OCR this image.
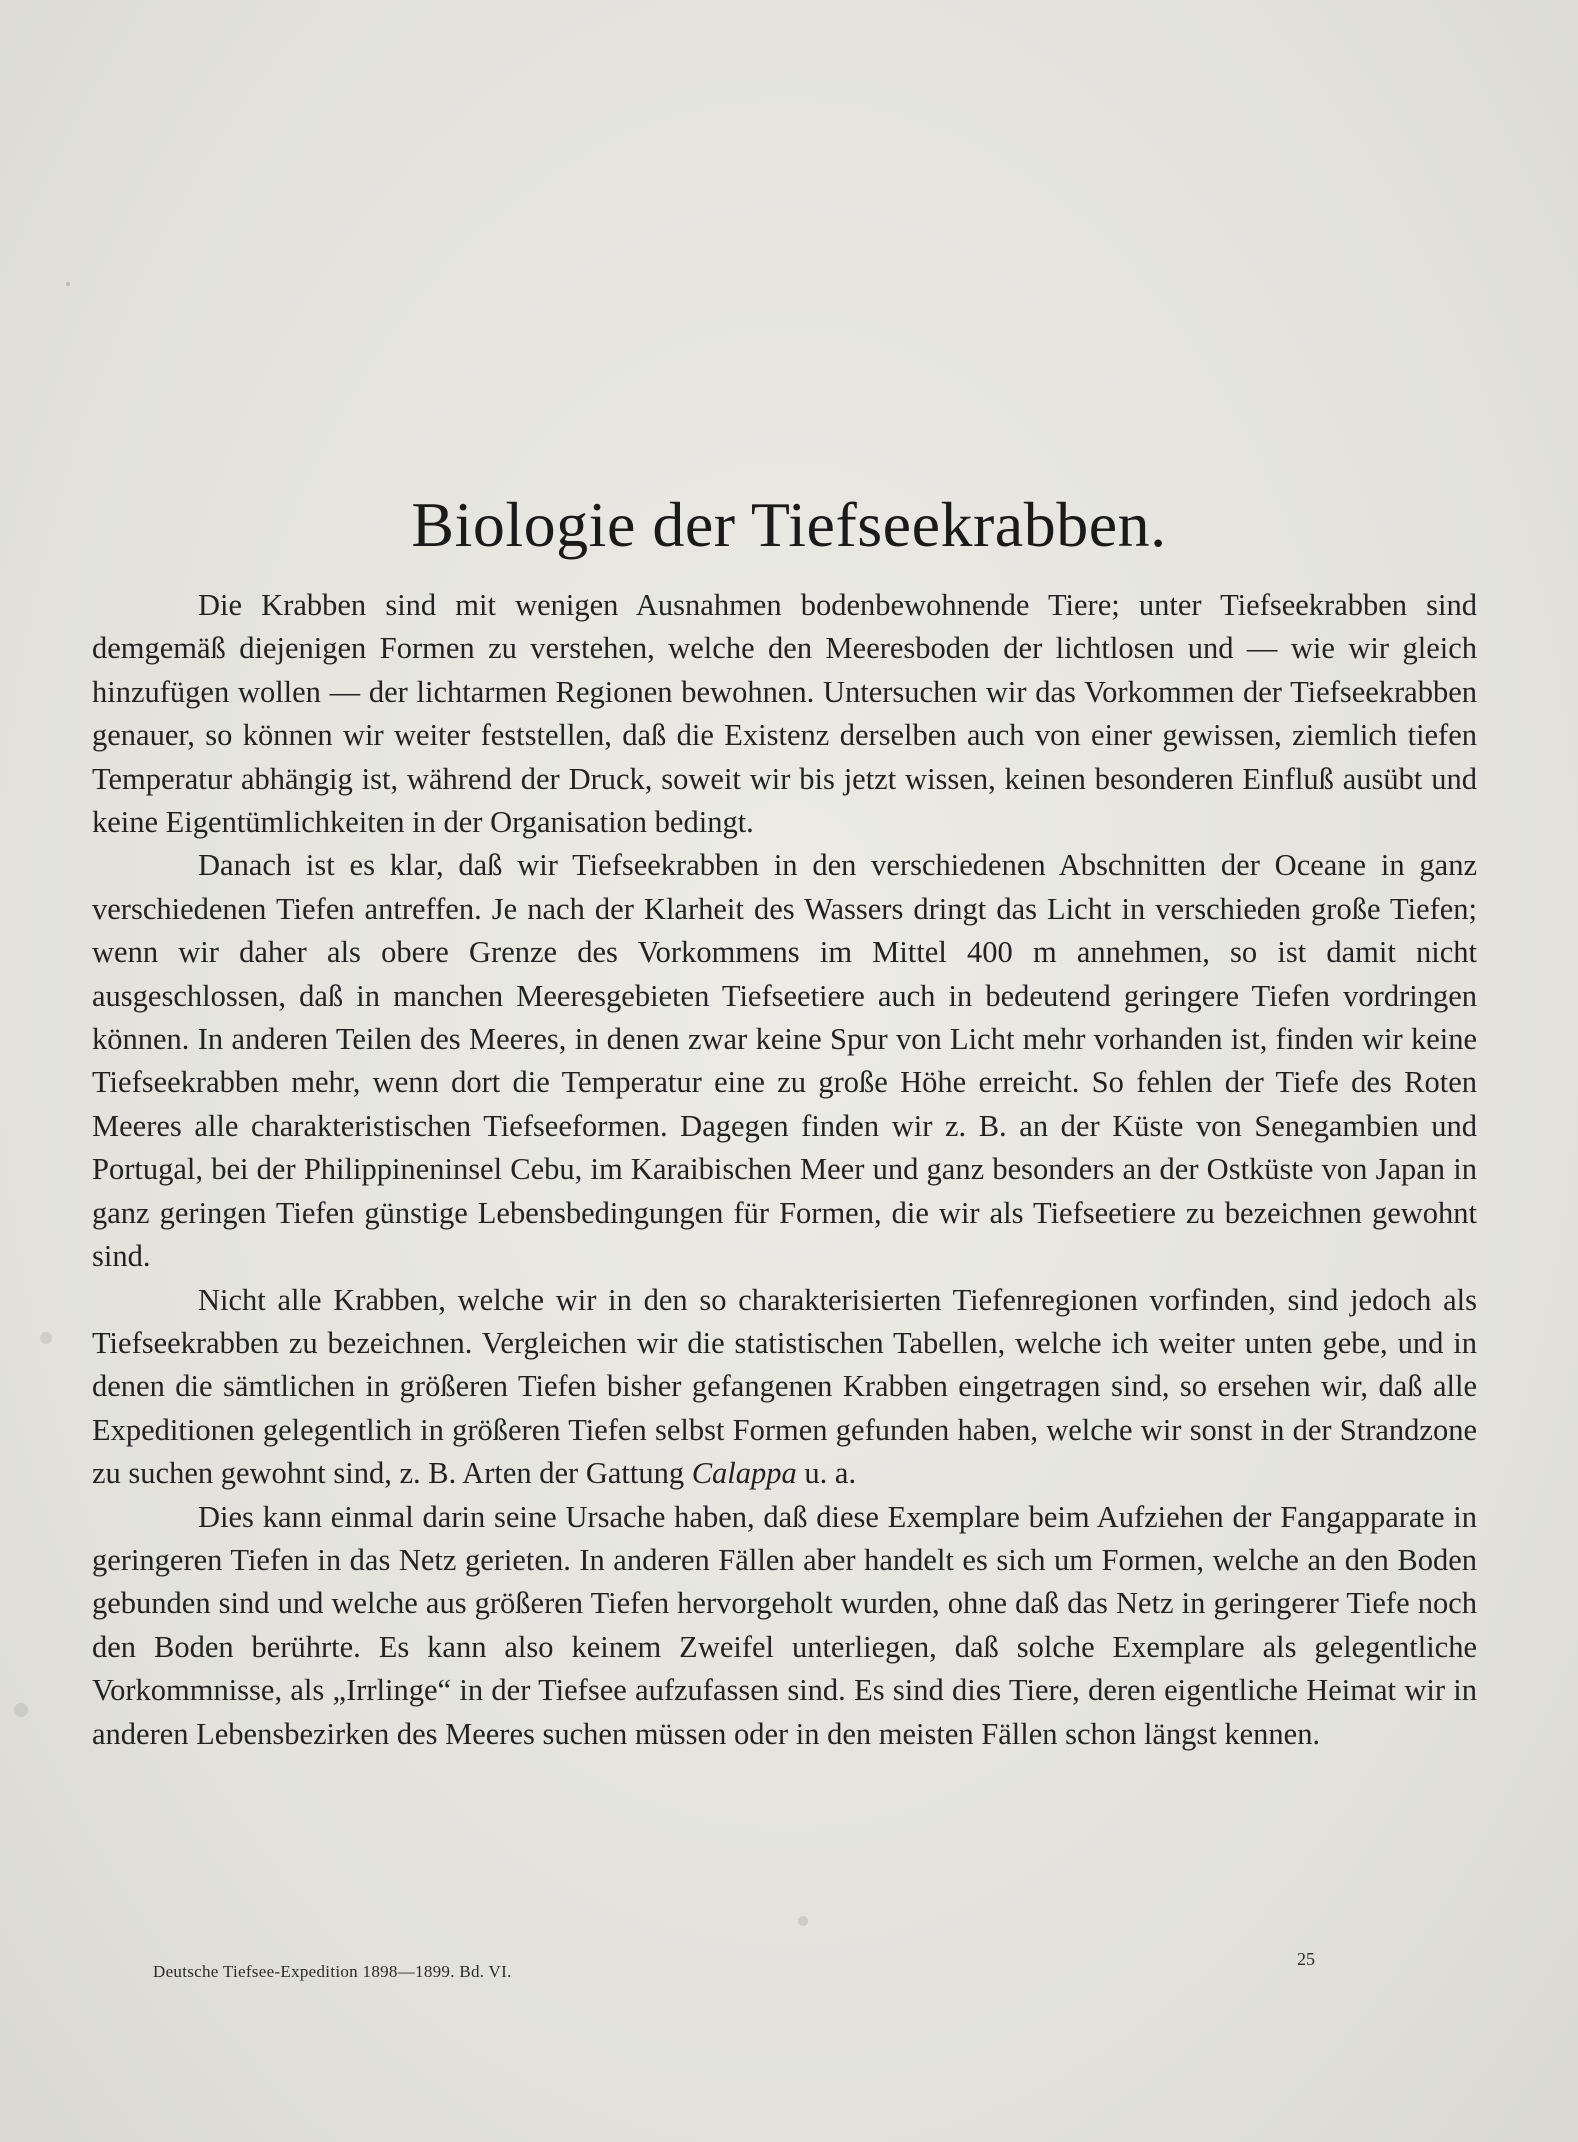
Biologie der Tiefseekrabben.

Die Krabben sind mit wenigen Ausnahmen bodenbewohnende Tiere; unter Tiefseekrabben sind demgemäß diejenigen Formen zu verstehen, welche den Meeresboden der lichtlosen und — wie wir gleich hinzufügen wollen — der lichtarmen Regionen bewohnen. Untersuchen wir das Vorkommen der Tiefseekrabben genauer, so können wir weiter feststellen, daß die Existenz derselben auch von einer gewissen, ziemlich tiefen Temperatur abhängig ist, während der Druck, soweit wir bis jetzt wissen, keinen besonderen Einfluß ausübt und keine Eigentümlichkeiten in der Organisation bedingt.

Danach ist es klar, daß wir Tiefseekrabben in den verschiedenen Abschnitten der Oceane in ganz verschiedenen Tiefen antreffen. Je nach der Klarheit des Wassers dringt das Licht in verschieden große Tiefen; wenn wir daher als obere Grenze des Vorkommens im Mittel 400 m annehmen, so ist damit nicht ausgeschlossen, daß in manchen Meeresgebieten Tiefseetiere auch in bedeutend geringere Tiefen vordringen können. In anderen Teilen des Meeres, in denen zwar keine Spur von Licht mehr vorhanden ist, finden wir keine Tiefseekrabben mehr, wenn dort die Temperatur eine zu große Höhe erreicht. So fehlen der Tiefe des Roten Meeres alle charakteristischen Tiefseeformen. Dagegen finden wir z. B. an der Küste von Senegambien und Portugal, bei der Philippineninsel Cebu, im Karaibischen Meer und ganz besonders an der Ostküste von Japan in ganz geringen Tiefen günstige Lebensbedingungen für Formen, die wir als Tiefseetiere zu bezeichnen gewohnt sind.

Nicht alle Krabben, welche wir in den so charakterisierten Tiefenregionen vorfinden, sind jedoch als Tiefseekrabben zu bezeichnen. Vergleichen wir die statistischen Tabellen, welche ich weiter unten gebe, und in denen die sämtlichen in größeren Tiefen bisher gefangenen Krabben eingetragen sind, so ersehen wir, daß alle Expeditionen gelegentlich in größeren Tiefen selbst Formen gefunden haben, welche wir sonst in der Strandzone zu suchen gewohnt sind, z. B. Arten der Gattung Calappa u. a.

Dies kann einmal darin seine Ursache haben, daß diese Exemplare beim Aufziehen der Fangapparate in geringeren Tiefen in das Netz gerieten. In anderen Fällen aber handelt es sich um Formen, welche an den Boden gebunden sind und welche aus größeren Tiefen hervorgeholt wurden, ohne daß das Netz in geringerer Tiefe noch den Boden berührte. Es kann also keinem Zweifel unterliegen, daß solche Exemplare als gelegentliche Vorkommnisse, als „Irrlinge“ in der Tiefsee aufzufassen sind. Es sind dies Tiere, deren eigentliche Heimat wir in anderen Lebensbezirken des Meeres suchen müssen oder in den meisten Fällen schon längst kennen.

Deutsche Tiefsee-Expedition 1898—1899. Bd. VI.
25
